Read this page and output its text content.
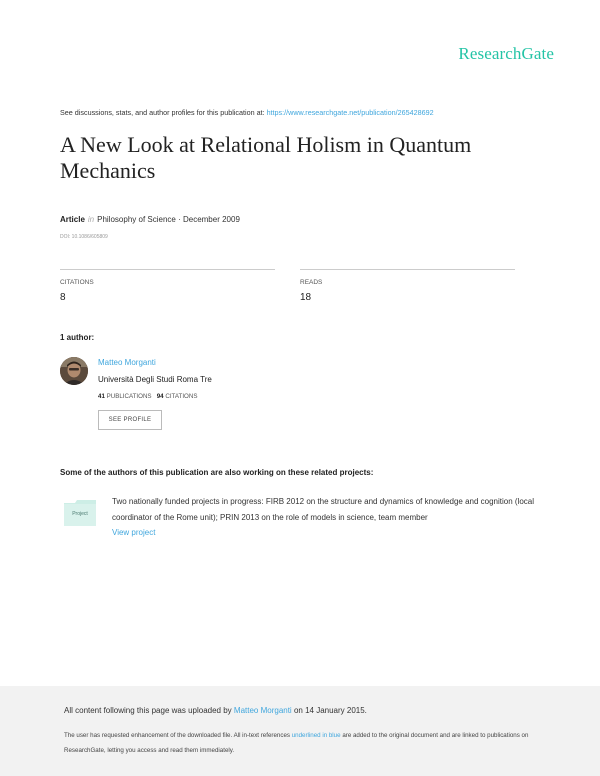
ResearchGate
See discussions, stats, and author profiles for this publication at: https://www.researchgate.net/publication/265428692
A New Look at Relational Holism in Quantum Mechanics
Article in Philosophy of Science · December 2009
DOI: 10.1086/605809
CITATIONS
8
READS
18
1 author:
Matteo Morganti
Università Degli Studi Roma Tre
41 PUBLICATIONS 94 CITATIONS
SEE PROFILE
Some of the authors of this publication are also working on these related projects:
Project
Two nationally funded projects in progress: FIRB 2012 on the structure and dynamics of knowledge and cognition (local coordinator of the Rome unit); PRIN 2013 on the role of models in science, team member
View project
All content following this page was uploaded by Matteo Morganti on 14 January 2015.
The user has requested enhancement of the downloaded file. All in-text references underlined in blue are added to the original document and are linked to publications on ResearchGate, letting you access and read them immediately.
